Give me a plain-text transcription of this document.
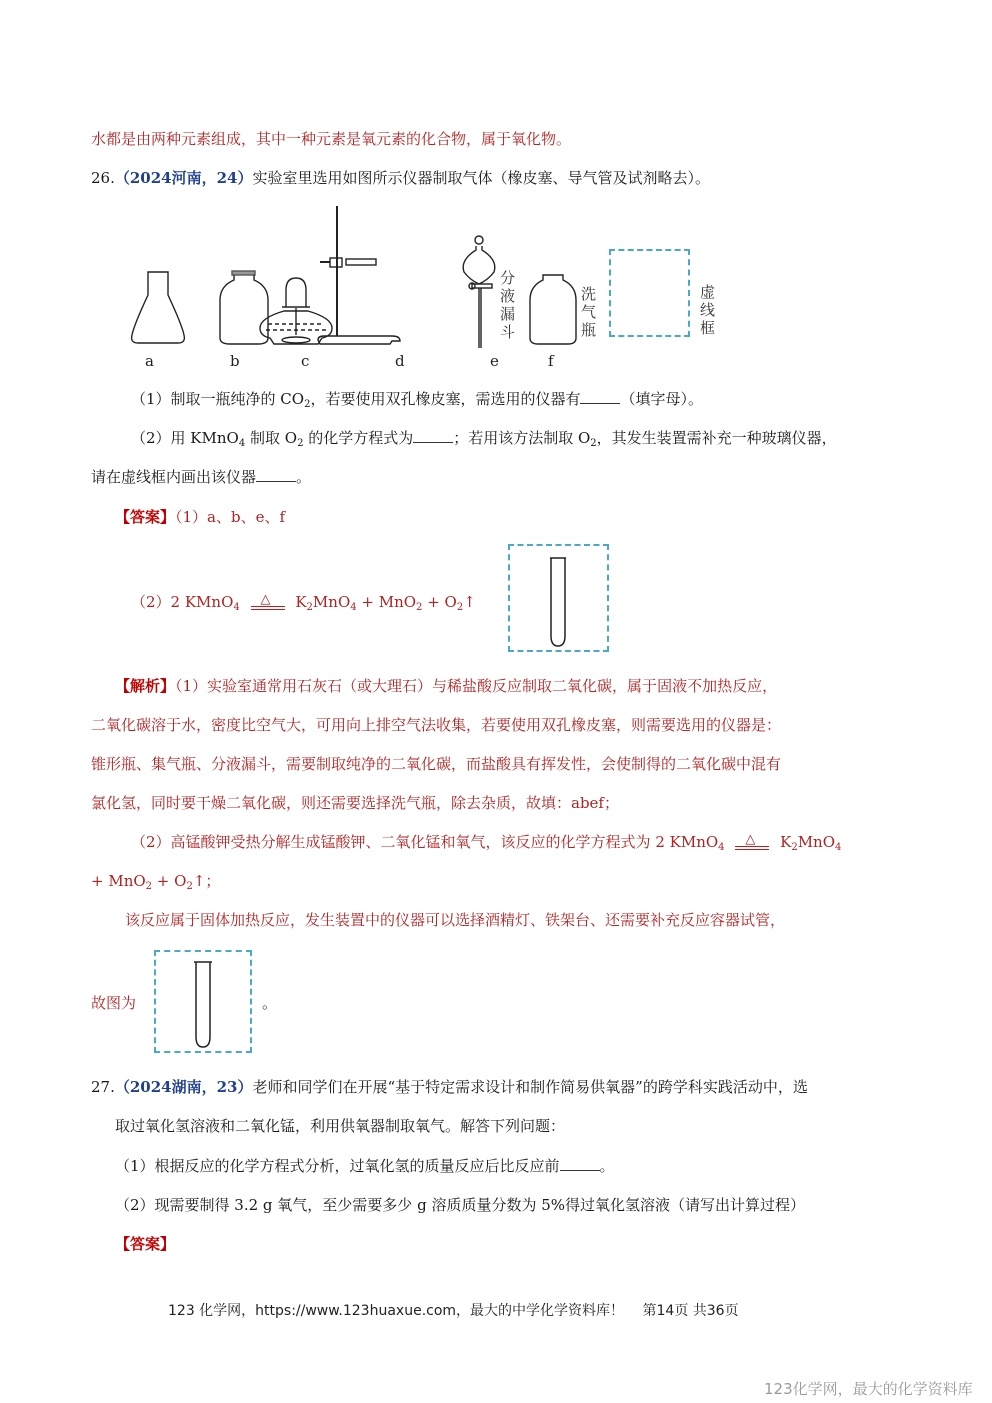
水都是由两种元素组成，其中一种元素是氧元素的化合物，属于氧化物。
26.（2024河南，24）实验室里选用如图所示仪器制取气体（橡皮塞、导气管及试剂略去）。
a	b	c	d	e	f
分液漏斗	洗气瓶	虚线框
（1）制取一瓶纯净的 $CO_2$，若要使用双孔橡皮塞，需选用的仪器有	（填字母）。
（2）用 KMnO$_4$ 制取 $O_2$ 的化学方程式为	；若用该方法制取 $O_2$，其发生装置需补充一种玻璃仪器，
请在虚线框内画出该仪器	。
【答案】（1）a、b、e、f
（2）2 KMnO$_4$
△ $K_2MnO_4 + MnO_2$ + $O_2↑$
【解析】（1）实验室通常用石灰石（或大理石）与稀盐酸反应制取二氧化碳，属于固液不加热反应，
二氧化碳溶于水，密度比空气大，可用向上排空气法收集，若要使用双孔橡皮塞，则需要选用的仪器是：
锥形瓶、集气瓶、分液漏斗，需要制取纯净的二氧化碳，而盐酸具有挥发性，会使制得的二氧化碳中混有
氯化氢，同时要干燥二氧化碳，则还需要选择洗气瓶，除去杂质，故填：abef；
（2）高锰酸钾受热分解生成锰酸钾、二氧化锰和氧气，该反应的化学方程式为 2 KMnO$_4$
△ $K_2MnO_4$
+ $MnO_2 + O_2↑$；
该反应属于固体加热反应，发生装置中的仪器可以选择酒精灯、铁架台、还需要补充反应容器试管，
故图为	。
27.（2024湖南，23）老师和同学们在开展“基于特定需求设计和制作简易供氧器”的跨学科实践活动中，选
取过氧化氢溶液和二氧化锰，利用供氧器制取氧气。解答下列问题：
（1）根据反应的化学方程式分析，过氧化氢的质量反应后比反应前	。
（2）现需要制得 3.2 g 氧气，至少需要多少 g 溶质质量分数为 5%得过氧化氢溶液（请写出计算过程）
【答案】
123 化学网，https://www.123huaxue.com，最大的中学化学资料库！ 第14页 共36页
123化学网，最大的化学资料库
